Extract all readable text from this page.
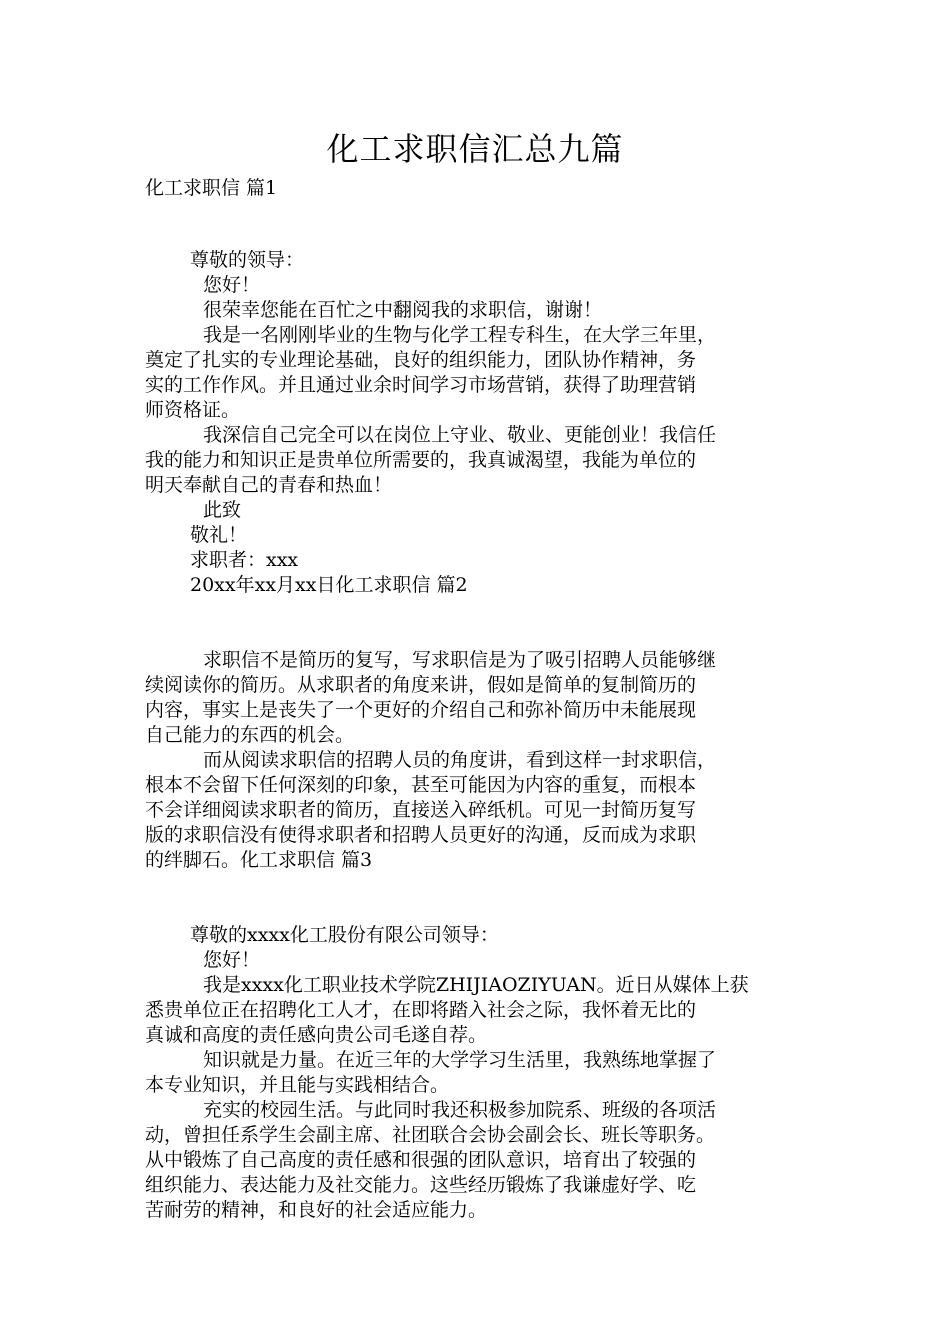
化工求职信汇总九篇
化工求职信 篇1
尊敬的领导：
您好！
很荣幸您能在百忙之中翻阅我的求职信，谢谢！
我是一名刚刚毕业的生物与化学工程专科生，在大学三年里，
奠定了扎实的专业理论基础，良好的组织能力，团队协作精神，务
实的工作作风。并且通过业余时间学习市场营销，获得了助理营销
师资格证。
我深信自己完全可以在岗位上守业、敬业、更能创业！我信任
我的能力和知识正是贵单位所需要的，我真诚渴望，我能为单位的
明天奉献自己的青春和热血！
此致
敬礼！
求职者：xxx
20xx年xx月xx日化工求职信 篇2
求职信不是简历的复写，写求职信是为了吸引招聘人员能够继
续阅读你的简历。从求职者的角度来讲，假如是简单的复制简历的
内容，事实上是丧失了一个更好的介绍自己和弥补简历中未能展现
自己能力的东西的机会。
而从阅读求职信的招聘人员的角度讲，看到这样一封求职信，
根本不会留下任何深刻的印象，甚至可能因为内容的重复，而根本
不会详细阅读求职者的简历，直接送入碎纸机。可见一封简历复写
版的求职信没有使得求职者和招聘人员更好的沟通，反而成为求职
的绊脚石。化工求职信 篇3
尊敬的xxxx化工股份有限公司领导：
您好！
我是xxxx化工职业技术学院ZHIJIAOZIYUAN。近日从媒体上获
悉贵单位正在招聘化工人才，在即将踏入社会之际，我怀着无比的
真诚和高度的责任感向贵公司毛遂自荐。
知识就是力量。在近三年的大学学习生活里，我熟练地掌握了
本专业知识，并且能与实践相结合。
充实的校园生活。与此同时我还积极参加院系、班级的各项活
动，曾担任系学生会副主席、社团联合会协会副会长、班长等职务。
从中锻炼了自己高度的责任感和很强的团队意识，培育出了较强的
组织能力、表达能力及社交能力。这些经历锻炼了我谦虚好学、吃
苦耐劳的精神，和良好的社会适应能力。
